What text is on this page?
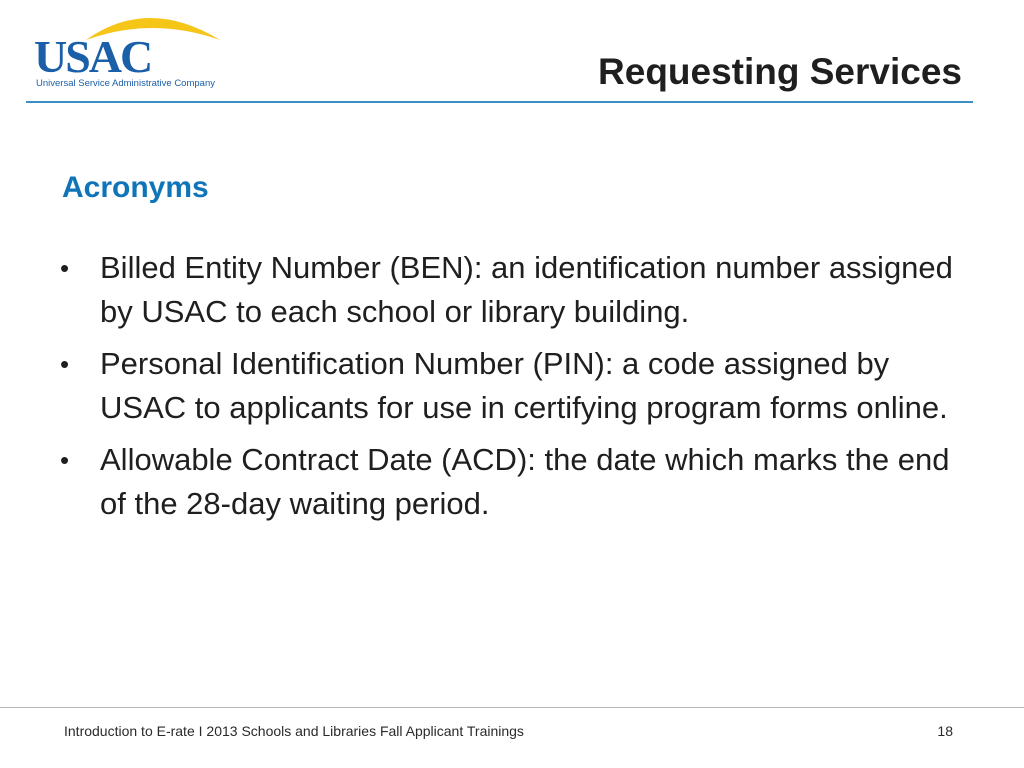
USAC
Universal Service Administrative Company	Requesting Services
Acronyms
• Billed Entity Number (BEN): an identification number assigned by USAC to each school or library building.
• Personal Identification Number (PIN): a code assigned by USAC to applicants for use in certifying program forms online.
• Allowable Contract Date (ACD): the date which marks the end of the 28-day waiting period.
Introduction to E-rate I 2013 Schools and Libraries Fall Applicant Trainings	18
